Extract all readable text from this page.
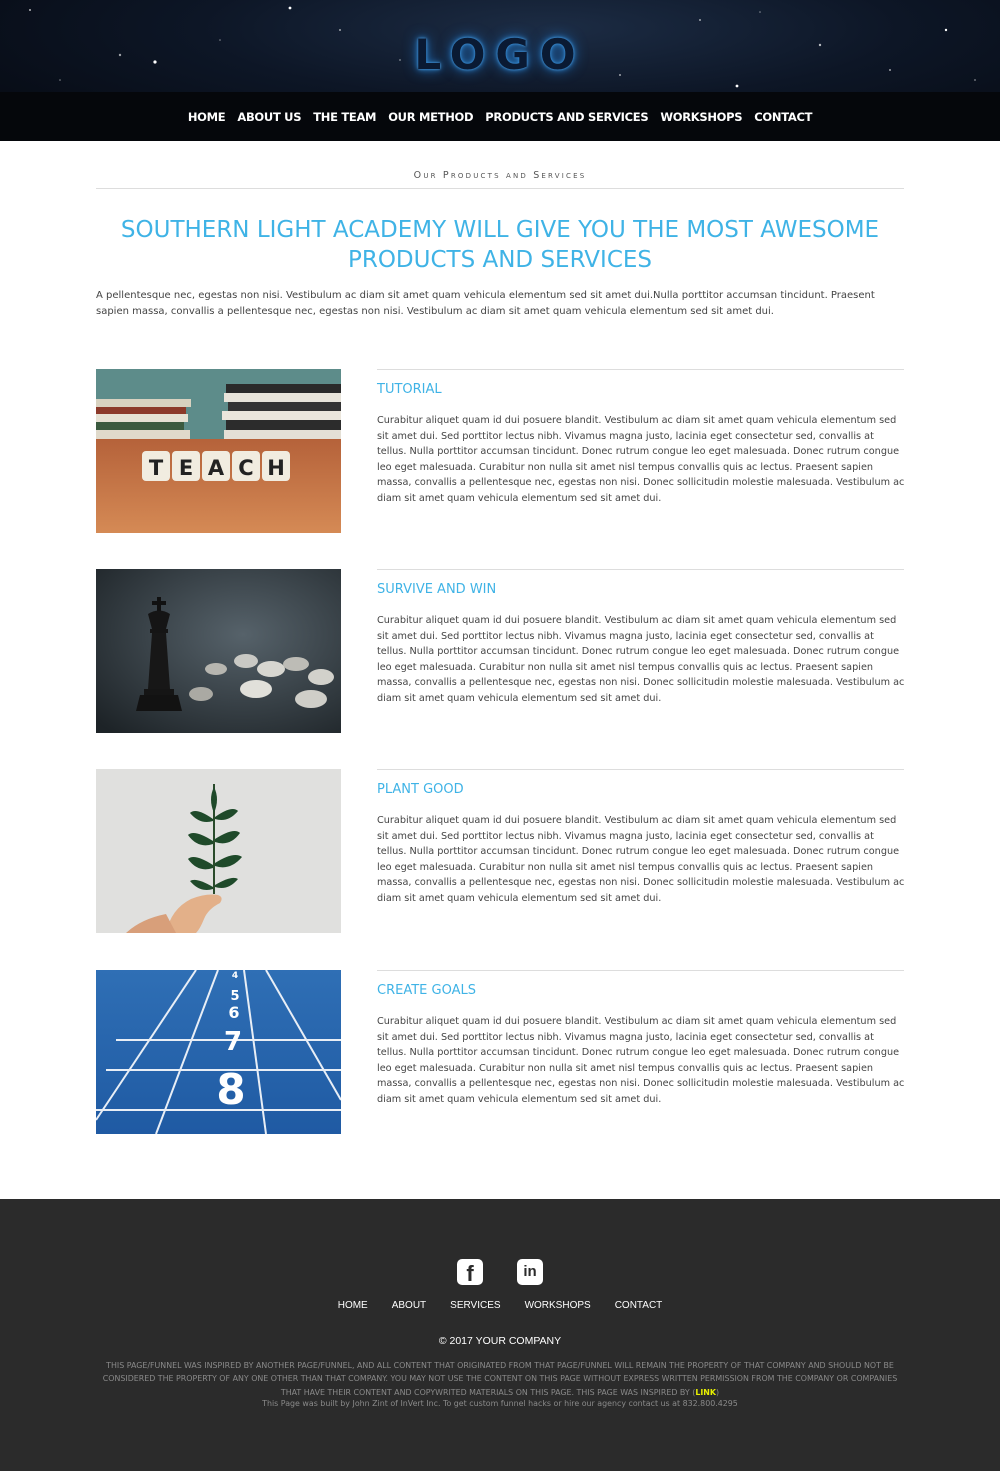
LOGO
HOME	ABOUT US	THE TEAM	OUR METHOD	PRODUCTS AND SERVICES	WORKSHOPS	CONTACT
Our Products and Services
SOUTHERN LIGHT ACADEMY WILL GIVE YOU THE MOST AWESOME PRODUCTS AND SERVICES

A pellentesque nec, egestas non nisi. Vestibulum ac diam sit amet quam vehicula elementum sed sit amet dui.Nulla porttitor accumsan tincidunt. Praesent sapien massa, convallis a pellentesque nec, egestas non nisi. Vestibulum ac diam sit amet quam vehicula elementum sed sit amet dui.

T E A C H
TUTORIAL

Curabitur aliquet quam id dui posuere blandit. Vestibulum ac diam sit amet quam vehicula elementum sed sit amet dui. Sed porttitor lectus nibh. Vivamus magna justo, lacinia eget consectetur sed, convallis at tellus. Nulla porttitor accumsan tincidunt. Donec rutrum congue leo eget malesuada. Donec rutrum congue leo eget malesuada. Curabitur non nulla sit amet nisl tempus convallis quis ac lectus. Praesent sapien massa, convallis a pellentesque nec, egestas non nisi. Donec sollicitudin molestie malesuada. Vestibulum ac diam sit amet quam vehicula elementum sed sit amet dui.

SURVIVE AND WIN

Curabitur aliquet quam id dui posuere blandit. Vestibulum ac diam sit amet quam vehicula elementum sed sit amet dui. Sed porttitor lectus nibh. Vivamus magna justo, lacinia eget consectetur sed, convallis at tellus. Nulla porttitor accumsan tincidunt. Donec rutrum congue leo eget malesuada. Donec rutrum congue leo eget malesuada. Curabitur non nulla sit amet nisl tempus convallis quis ac lectus. Praesent sapien massa, convallis a pellentesque nec, egestas non nisi. Donec sollicitudin molestie malesuada. Vestibulum ac diam sit amet quam vehicula elementum sed sit amet dui.

PLANT GOOD

Curabitur aliquet quam id dui posuere blandit. Vestibulum ac diam sit amet quam vehicula elementum sed sit amet dui. Sed porttitor lectus nibh. Vivamus magna justo, lacinia eget consectetur sed, convallis at tellus. Nulla porttitor accumsan tincidunt. Donec rutrum congue leo eget malesuada. Donec rutrum congue leo eget malesuada. Curabitur non nulla sit amet nisl tempus convallis quis ac lectus. Praesent sapien massa, convallis a pellentesque nec, egestas non nisi. Donec sollicitudin molestie malesuada. Vestibulum ac diam sit amet quam vehicula elementum sed sit amet dui.

4
5
6
7
8
CREATE GOALS

Curabitur aliquet quam id dui posuere blandit. Vestibulum ac diam sit amet quam vehicula elementum sed sit amet dui. Sed porttitor lectus nibh. Vivamus magna justo, lacinia eget consectetur sed, convallis at tellus. Nulla porttitor accumsan tincidunt. Donec rutrum congue leo eget malesuada. Donec rutrum congue leo eget malesuada. Curabitur non nulla sit amet nisl tempus convallis quis ac lectus. Praesent sapien massa, convallis a pellentesque nec, egestas non nisi. Donec sollicitudin molestie malesuada. Vestibulum ac diam sit amet quam vehicula elementum sed sit amet dui.

f	in
HOME	ABOUT	SERVICES	WORKSHOPS	CONTACT
© 2017 YOUR COMPANY
THIS PAGE/FUNNEL WAS INSPIRED BY ANOTHER PAGE/FUNNEL, AND ALL CONTENT THAT ORIGINATED FROM THAT PAGE/FUNNEL WILL REMAIN THE PROPERTY OF THAT COMPANY AND SHOULD NOT BE CONSIDERED THE PROPERTY OF ANY ONE OTHER THAN THAT COMPANY. YOU MAY NOT USE THE CONTENT ON THIS PAGE WITHOUT EXPRESS WRITTEN PERMISSION FROM THE COMPANY OR COMPANIES THAT HAVE THEIR CONTENT AND COPYWRITED MATERIALS ON THIS PAGE. THIS PAGE WAS INSPIRED BY (LINK)
This Page was built by John Zint of InVert Inc. To get custom funnel hacks or hire our agency contact us at 832.800.4295
